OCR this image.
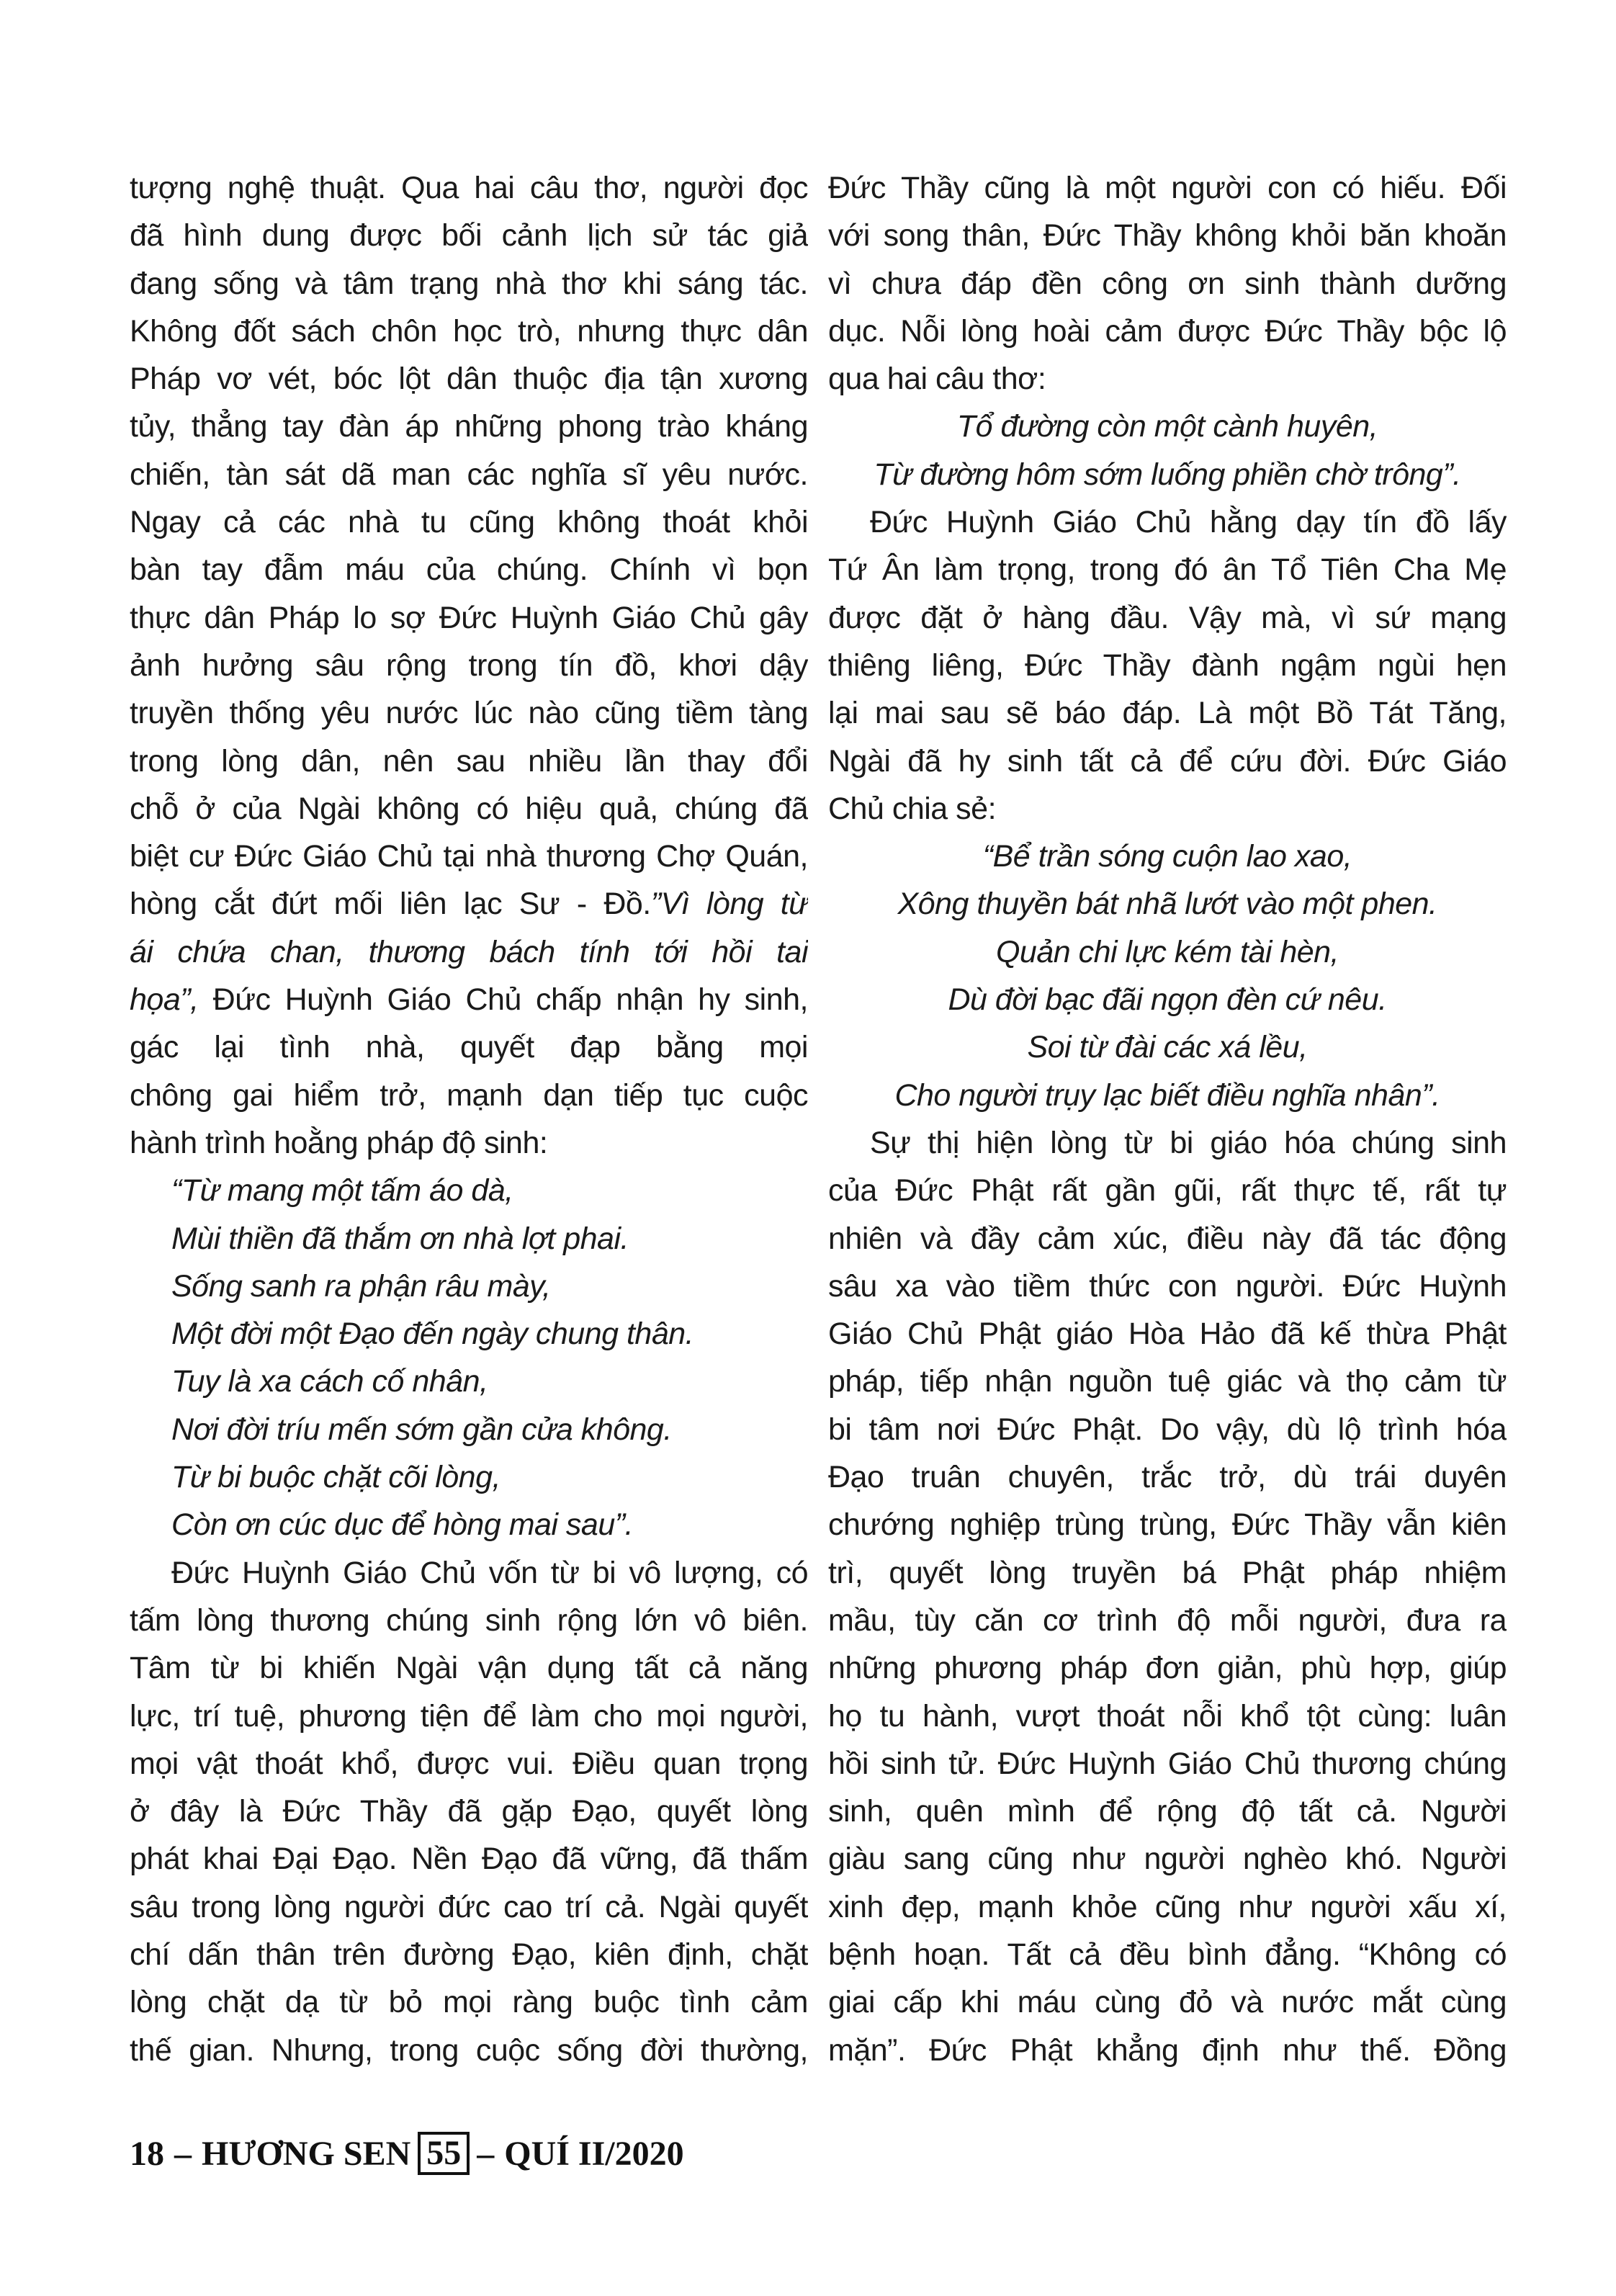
tượng nghệ thuật. Qua hai câu thơ, người đọc
đã hình dung được bối cảnh lịch sử tác giả
đang sống và tâm trạng nhà thơ khi sáng tác.
Không đốt sách chôn học trò, nhưng thực dân
Pháp vơ vét, bóc lột dân thuộc địa tận xương
tủy, thẳng tay đàn áp những phong trào kháng
chiến, tàn sát dã man các nghĩa sĩ yêu nước.
Ngay cả các nhà tu cũng không thoát khỏi
bàn tay đẫm máu của chúng. Chính vì bọn
thực dân Pháp lo sợ Đức Huỳnh Giáo Chủ gây
ảnh hưởng sâu rộng trong tín đồ, khơi dậy
truyền thống yêu nước lúc nào cũng tiềm tàng
trong lòng dân, nên sau nhiều lần thay đổi
chỗ ở của Ngài không có hiệu quả, chúng đã
biệt cư Đức Giáo Chủ tại nhà thương Chợ Quán,
hòng cắt đứt mối liên lạc Sư - Đồ.”Vì lòng từ
ái chứa chan, thương bách tính tới hồi tai
họa”, Đức Huỳnh Giáo Chủ chấp nhận hy sinh,
gác lại tình nhà, quyết đạp bằng mọi
chông gai hiểm trở, mạnh dạn tiếp tục cuộc
hành trình hoằng pháp độ sinh:
“Từ mang một tấm áo dà,
Mùi thiền đã thắm ơn nhà lợt phai.
Sống sanh ra phận râu mày,
Một đời một Đạo đến ngày chung thân.
Tuy là xa cách cố nhân,
Nơi đời tríu mến sớm gần cửa không.
Từ bi buộc chặt cõi lòng,
Còn ơn cúc dục để hòng mai sau”.
Đức Huỳnh Giáo Chủ vốn từ bi vô lượng, có
tấm lòng thương chúng sinh rộng lớn vô biên.
Tâm từ bi khiến Ngài vận dụng tất cả năng
lực, trí tuệ, phương tiện để làm cho mọi người,
mọi vật thoát khổ, được vui. Điều quan trọng
ở đây là Đức Thầy đã gặp Đạo, quyết lòng
phát khai Đại Đạo. Nền Đạo đã vững, đã thấm
sâu trong lòng người đức cao trí cả. Ngài quyết
chí dấn thân trên đường Đạo, kiên định, chặt
lòng chặt dạ từ bỏ mọi ràng buộc tình cảm
thế gian. Nhưng, trong cuộc sống đời thường,
Đức Thầy cũng là một người con có hiếu. Đối
với song thân, Đức Thầy không khỏi băn khoăn
vì chưa đáp đền công ơn sinh thành dưỡng
dục. Nỗi lòng hoài cảm được Đức Thầy bộc lộ
qua hai câu thơ:
Tổ đường còn một cành huyên,
Từ đường hôm sớm luống phiền chờ trông”.
Đức Huỳnh Giáo Chủ hằng dạy tín đồ lấy
Tứ Ân làm trọng, trong đó ân Tổ Tiên Cha Mẹ
được đặt ở hàng đầu. Vậy mà, vì sứ mạng
thiêng liêng, Đức Thầy đành ngậm ngùi hẹn
lại mai sau sẽ báo đáp. Là một Bồ Tát Tăng,
Ngài đã hy sinh tất cả để cứu đời. Đức Giáo
Chủ chia sẻ:
“Bể trần sóng cuộn lao xao,
Xông thuyền bát nhã lướt vào một phen.
Quản chi lực kém tài hèn,
Dù đời bạc đãi ngọn đèn cứ nêu.
Soi từ đài các xá lều,
Cho người trụy lạc biết điều nghĩa nhân”.
Sự thị hiện lòng từ bi giáo hóa chúng sinh
của Đức Phật rất gần gũi, rất thực tế, rất tự
nhiên và đầy cảm xúc, điều này đã tác động
sâu xa vào tiềm thức con người. Đức Huỳnh
Giáo Chủ Phật giáo Hòa Hảo đã kế thừa Phật
pháp, tiếp nhận nguồn tuệ giác và thọ cảm từ
bi tâm nơi Đức Phật. Do vậy, dù lộ trình hóa
Đạo truân chuyên, trắc trở, dù trái duyên
chướng nghiệp trùng trùng, Đức Thầy vẫn kiên
trì, quyết lòng truyền bá Phật pháp nhiệm
mầu, tùy căn cơ trình độ mỗi người, đưa ra
những phương pháp đơn giản, phù hợp, giúp
họ tu hành, vượt thoát nỗi khổ tột cùng: luân
hồi sinh tử. Đức Huỳnh Giáo Chủ thương chúng
sinh, quên mình để rộng độ tất cả. Người
giàu sang cũng như người nghèo khó. Người
xinh đẹp, mạnh khỏe cũng như người xấu xí,
bệnh hoạn. Tất cả đều bình đẳng. “Không có
giai cấp khi máu cùng đỏ và nước mắt cùng
mặn”. Đức Phật khẳng định như thế. Đồng
18 – HƯƠNG SEN 55 – QUÍ II/2020
